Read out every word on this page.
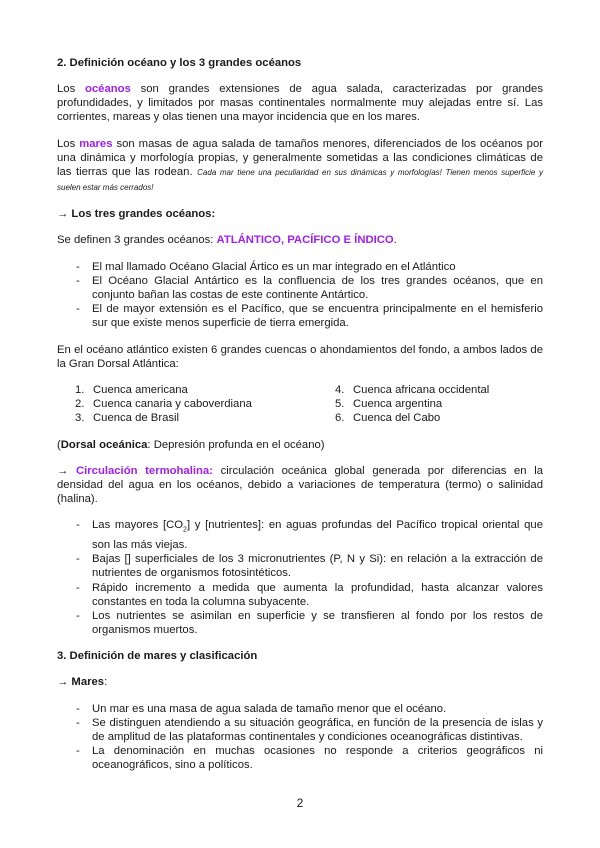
2. Definición océano y los 3 grandes océanos

Los océanos son grandes extensiones de agua salada, caracterizadas por grandes profundidades, y limitados por masas continentales normalmente muy alejadas entre sí. Las corrientes, mareas y olas tienen una mayor incidencia que en los mares.

Los mares son masas de agua salada de tamaños menores, diferenciados de los océanos por una dinámica y morfología propias, y generalmente sometidas a las condiciones climáticas de las tierras que las rodean. Cada mar tiene una peculiaridad en sus dinámicas y morfologías! Tienen menos superficie y suelen estar más cerrados!

→ Los tres grandes océanos:

Se definen 3 grandes océanos: ATLÁNTICO, PACÍFICO E ÍNDICO.

- El mal llamado Océano Glacial Ártico es un mar integrado en el Atlántico
- El Océano Glacial Antártico es la confluencia de los tres grandes océanos, que en conjunto bañan las costas de este continente Antártico.
- El de mayor extensión es el Pacífico, que se encuentra principalmente en el hemisferio sur que existe menos superficie de tierra emergida.

En el océano atlántico existen 6 grandes cuencas o ahondamientos del fondo, a ambos lados de la Gran Dorsal Atlántica:

1. Cuenca americana	4. Cuenca africana occidental
2. Cuenca canaria y caboverdiana	5. Cuenca argentina
3. Cuenca de Brasil	6. Cuenca del Cabo

(Dorsal oceánica: Depresión profunda en el océano)

→ Circulación termohalina: circulación oceánica global generada por diferencias en la densidad del agua en los océanos, debido a variaciones de temperatura (termo) o salinidad (halina).

- Las mayores $[CO_2]$ y [nutrientes]: en aguas profundas del Pacífico tropical oriental que son las más viejas.
- Bajas [] superficiales de los 3 micronutrientes (P, N y Si): en relación a la extracción de nutrientes de organismos fotosintéticos.
- Rápido incremento a medida que aumenta la profundidad, hasta alcanzar valores constantes en toda la columna subyacente.
- Los nutrientes se asimilan en superficie y se transfieren al fondo por los restos de organismos muertos.
3. Definición de mares y clasificación

→ Mares:

- Un mar es una masa de agua salada de tamaño menor que el océano.
- Se distinguen atendiendo a su situación geográfica, en función de la presencia de islas y de amplitud de las plataformas continentales y condiciones oceanográficas distintivas.
- La denominación en muchas ocasiones no responde a criterios geográficos ni oceanográficos, sino a políticos.
2
